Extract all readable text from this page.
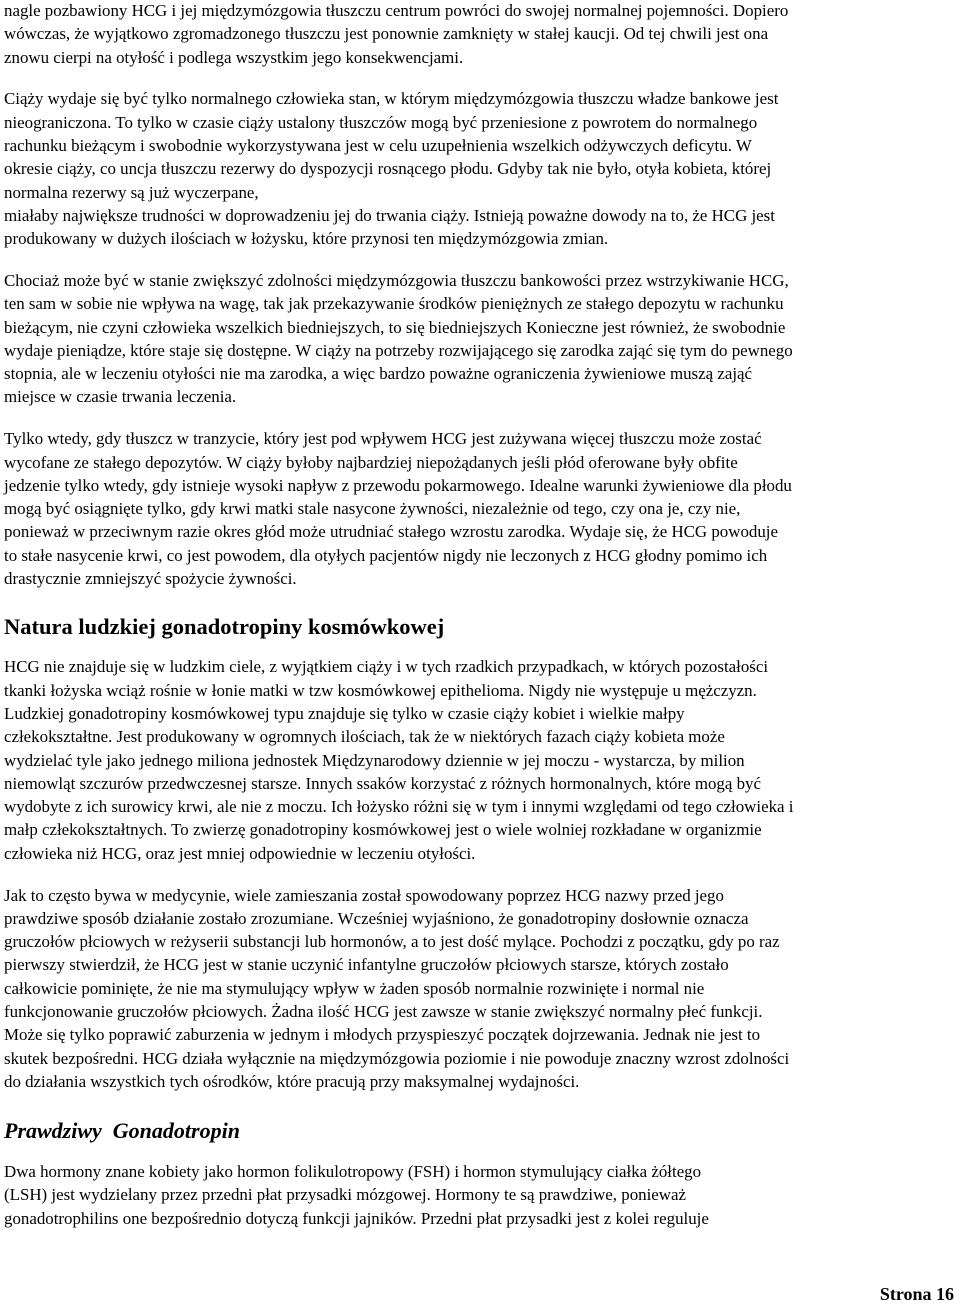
nagle pozbawiony HCG i jej międzymózgowia tłuszczu centrum powróci do swojej normalnej pojemności. Dopiero
wówczas, że wyjątkowo zgromadzonego tłuszczu jest ponownie zamknięty w stałej kaucji. Od tej chwili jest ona
znowu cierpi na otyłość i podlega wszystkim jego konsekwencjami.
Ciąży wydaje się być tylko normalnego człowieka stan, w którym międzymózgowia tłuszczu władze bankowe jest
nieograniczona. To tylko w czasie ciąży ustalony tłuszczów mogą być przeniesione z powrotem do normalnego
rachunku bieżącym i swobodnie wykorzystywana jest w celu uzupełnienia wszelkich odżywczych deficytu. W
okresie ciąży, co uncja tłuszczu rezerwy do dyspozycji rosnącego płodu. Gdyby tak nie było, otyła kobieta, której
normalna rezerwy są już wyczerpane,
miałaby największe trudności w doprowadzeniu jej do trwania ciąży. Istnieją poważne dowody na to, że HCG jest
produkowany w dużych ilościach w łożysku, które przynosi ten międzymózgowia zmian.
Chociaż może być w stanie zwiększyć zdolności międzymózgowia tłuszczu bankowości przez wstrzykiwanie HCG,
ten sam w sobie nie wpływa na wagę, tak jak przekazywanie środków pieniężnych ze stałego depozytu w rachunku
bieżącym, nie czyni człowieka wszelkich biedniejszych, to się biedniejszych Konieczne jest również, że swobodnie
wydaje pieniądze, które staje się dostępne. W ciąży na potrzeby rozwijającego się zarodka zająć się tym do pewnego
stopnia, ale w leczeniu otyłości nie ma zarodka, a więc bardzo poważne ograniczenia żywieniowe muszą zająć
miejsce w czasie trwania leczenia.
Tylko wtedy, gdy tłuszcz w tranzycie, który jest pod wpływem HCG jest zużywana więcej tłuszczu może zostać
wycofane ze stałego depozytów. W ciąży byłoby najbardziej niepożądanych jeśli płód oferowane były obfite
jedzenie tylko wtedy, gdy istnieje wysoki napływ z przewodu pokarmowego. Idealne warunki żywieniowe dla płodu
mogą być osiągnięte tylko, gdy krwi matki stale nasycone żywności, niezależnie od tego, czy ona je, czy nie,
ponieważ w przeciwnym razie okres głód może utrudniać stałego wzrostu zarodka. Wydaje się, że HCG powoduje
to stałe nasycenie krwi, co jest powodem, dla otyłych pacjentów nigdy nie leczonych z HCG głodny pomimo ich
drastycznie zmniejszyć spożycie żywności.
Natura ludzkiej gonadotropiny kosmówkowej
HCG nie znajduje się w ludzkim ciele, z wyjątkiem ciąży i w tych rzadkich przypadkach, w których pozostałości
tkanki łożyska wciąż rośnie w łonie matki w tzw kosmówkowej epithelioma. Nigdy nie występuje u mężczyzn.
Ludzkiej gonadotropiny kosmówkowej typu znajduje się tylko w czasie ciąży kobiet i wielkie małpy
człekokształtne. Jest produkowany w ogromnych ilościach, tak że w niektórych fazach ciąży kobieta może
wydzielać tyle jako jednego miliona jednostek Międzynarodowy dziennie w jej moczu - wystarcza, by milion
niemowląt szczurów przedwczesnej starsze. Innych ssaków korzystać z różnych hormonalnych, które mogą być
wydobyte z ich surowicy krwi, ale nie z moczu. Ich łożysko różni się w tym i innymi względami od tego człowieka i
małp człekokształtnych. To zwierzę gonadotropiny kosmówkowej jest o wiele wolniej rozkładane w organizmie
człowieka niż HCG, oraz jest mniej odpowiednie w leczeniu otyłości.
Jak to często bywa w medycynie, wiele zamieszania został spowodowany poprzez HCG nazwy przed jego
prawdziwe sposób działanie zostało zrozumiane. Wcześniej wyjaśniono, że gonadotropiny dosłownie oznacza
gruczołów płciowych w reżyserii substancji lub hormonów, a to jest dość mylące. Pochodzi z początku, gdy po raz
pierwszy stwierdził, że HCG jest w stanie uczynić infantylne gruczołów płciowych starsze, których zostało
całkowicie pominięte, że nie ma stymulujący wpływ w żaden sposób normalnie rozwinięte i normal nie
funkcjonowanie gruczołów płciowych. Żadna ilość HCG jest zawsze w stanie zwiększyć normalny płeć funkcji.
Może się tylko poprawić zaburzenia w jednym i młodych przyspieszyć początek dojrzewania. Jednak nie jest to
skutek bezpośredni. HCG działa wyłącznie na międzymózgowia poziomie i nie powoduje znaczny wzrost zdolności
do działania wszystkich tych ośrodków, które pracują przy maksymalnej wydajności.
Prawdziwy  Gonadotropin
Dwa hormony znane kobiety jako hormon folikulotropowy (FSH) i hormon stymulujący ciałka żółtego
(LSH) jest wydzielany przez przedni płat przysadki mózgowej. Hormony te są prawdziwe, ponieważ
gonadotrophilins one bezpośrednio dotyczą funkcji jajników. Przedni płat przysadki jest z kolei reguluje
Strona 16
